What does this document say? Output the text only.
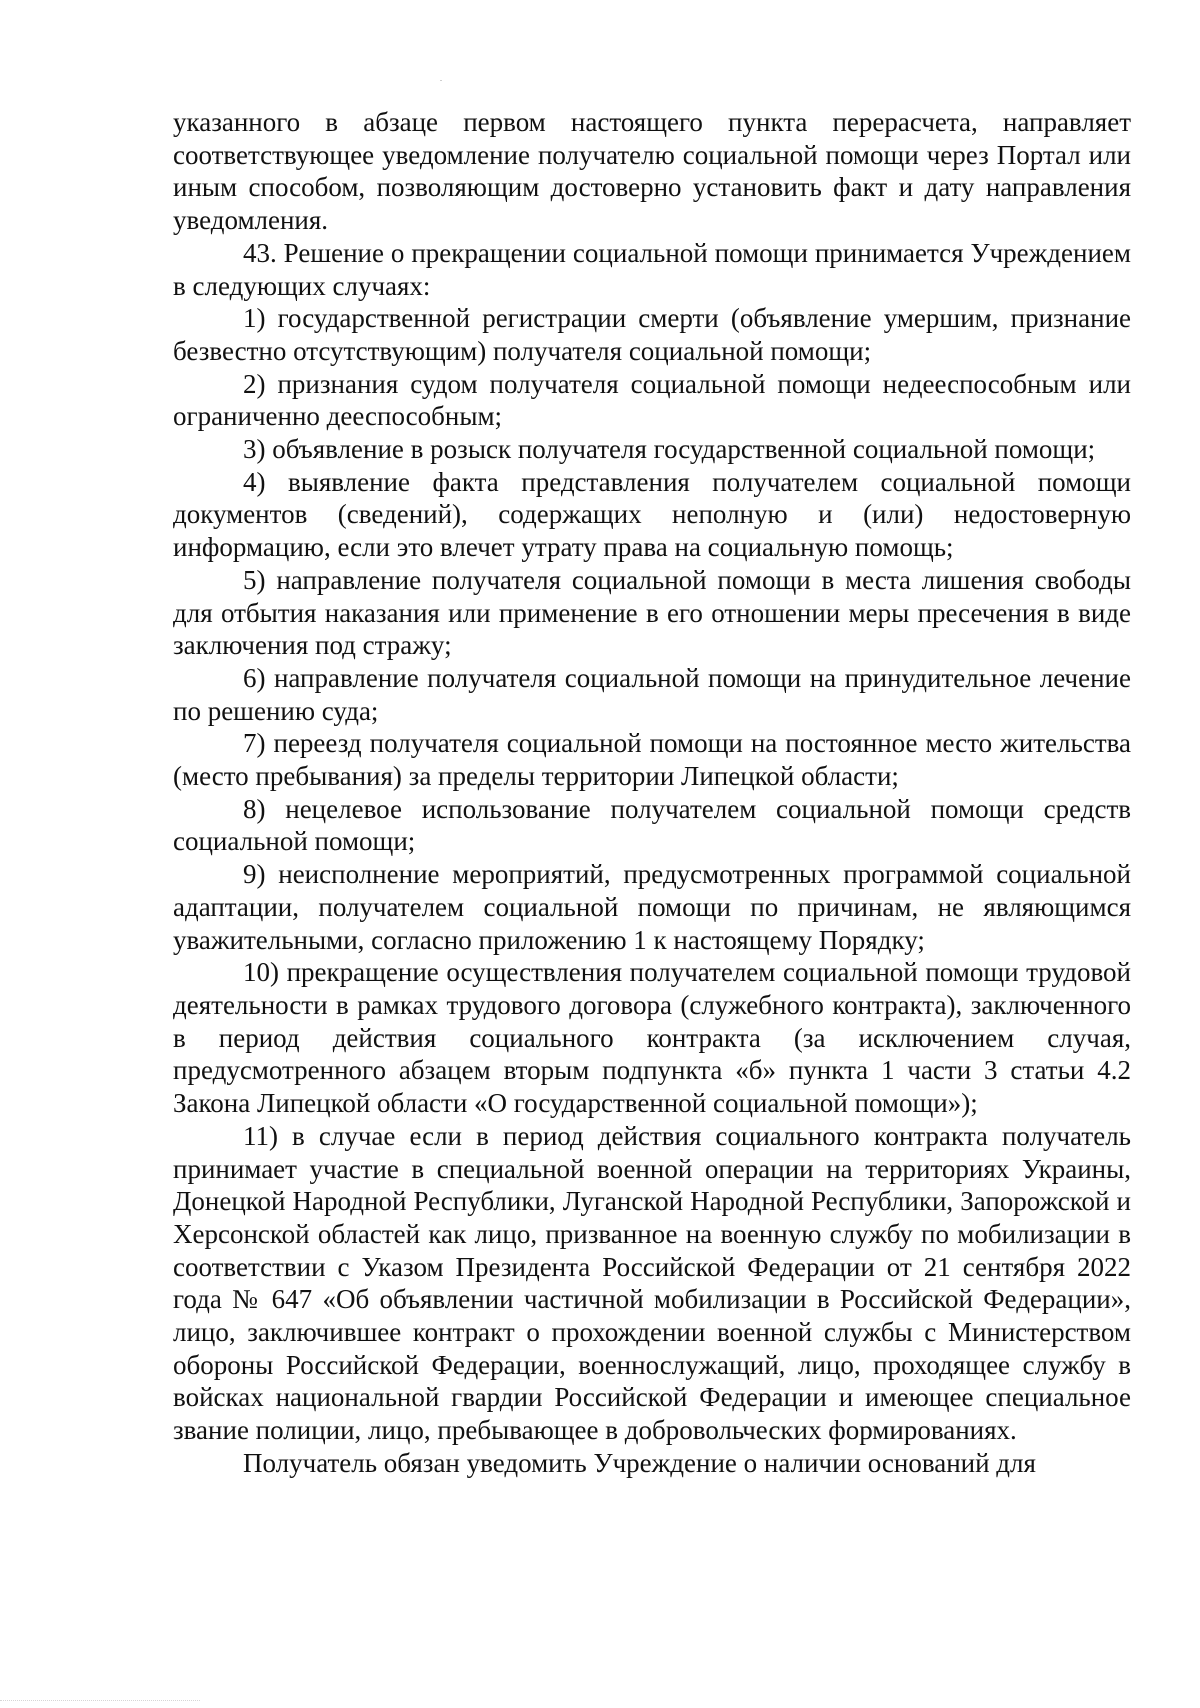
указанного в абзаце первом настоящего пункта перерасчета, направляет соответствующее уведомление получателю социальной помощи через Портал или иным способом, позволяющим достоверно установить факт и дату направления уведомления.

43. Решение о прекращении социальной помощи принимается Учреждением в следующих случаях:

1) государственной регистрации смерти (объявление умершим, признание безвестно отсутствующим) получателя социальной помощи;

2) признания судом получателя социальной помощи недееспособным или ограниченно дееспособным;

3) объявление в розыск получателя государственной социальной помощи;

4) выявление факта представления получателем социальной помощи документов (сведений), содержащих неполную и (или) недостоверную информацию, если это влечет утрату права на социальную помощь;

5) направление получателя социальной помощи в места лишения свободы для отбытия наказания или применение в его отношении меры пресечения в виде заключения под стражу;

6) направление получателя социальной помощи на принудительное лечение по решению суда;

7) переезд получателя социальной помощи на постоянное место жительства (место пребывания) за пределы территории Липецкой области;

8) нецелевое использование получателем социальной помощи средств социальной помощи;

9) неисполнение мероприятий, предусмотренных программой социальной адаптации, получателем социальной помощи по причинам, не являющимся уважительными, согласно приложению 1 к настоящему Порядку;

10) прекращение осуществления получателем социальной помощи трудовой деятельности в рамках трудового договора (служебного контракта), заключенного в период действия социального контракта (за исключением случая, предусмотренного абзацем вторым подпункта «б» пункта 1 части 3 статьи 4.2 Закона Липецкой области «О государственной социальной помощи»);

11) в случае если в период действия социального контракта получатель принимает участие в специальной военной операции на территориях Украины, Донецкой Народной Республики, Луганской Народной Республики, Запорожской и Херсонской областей как лицо, призванное на военную службу по мобилизации в соответствии с Указом Президента Российской Федерации от 21 сентября 2022 года № 647 «Об объявлении частичной мобилизации в Российской Федерации», лицо, заключившее контракт о прохождении военной службы с Министерством обороны Российской Федерации, военнослужащий, лицо, проходящее службу в войсках национальной гвардии Российской Федерации и имеющее специальное звание полиции, лицо, пребывающее в добровольческих формированиях.

Получатель обязан уведомить Учреждение о наличии оснований для
